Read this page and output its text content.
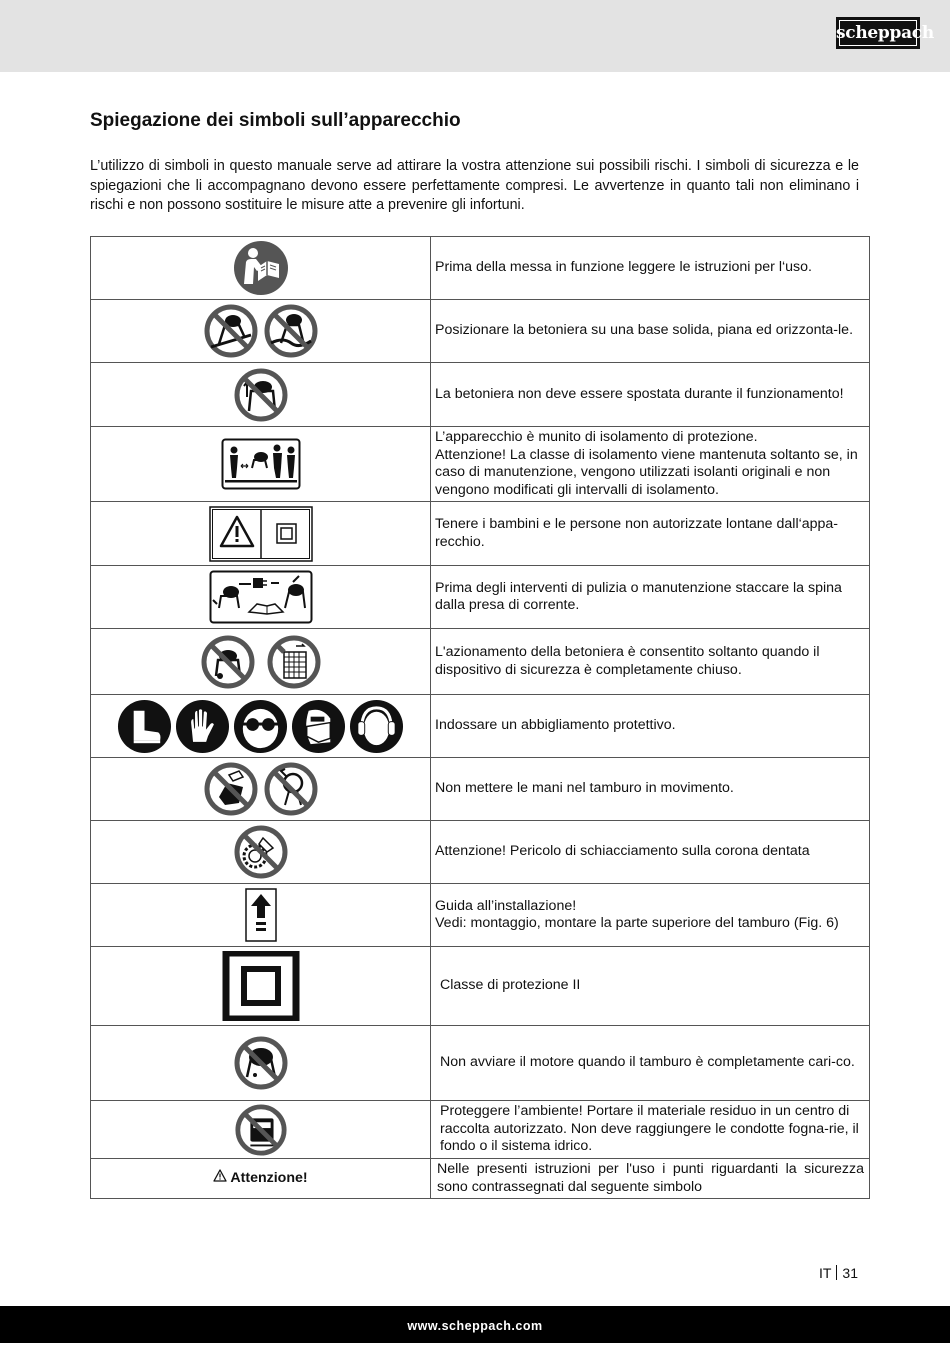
scheppach
Spiegazione dei simboli sull’apparecchio

L’utilizzo di simboli in questo manuale serve ad attirare la vostra attenzione sui possibili rischi. I simboli di sicurezza e le spiegazioni che li accompagnano devono essere perfettamente compresi. Le avvertenze in quanto tali non eliminano i rischi e non possono sostituire le misure atte a prevenire gli infortuni.

	Prima della messa in funzione leggere le istruzioni per l‘uso.

	Posizionare la betoniera su una base solida, piana ed orizzonta-le.

	La betoniera non deve essere spostata durante il funzionamento!

	L’apparecchio è munito di isolamento di protezione.
Attenzione! La classe di isolamento viene mantenuta soltanto se, in caso di manutenzione, vengono utilizzati isolanti originali e non vengono modificati gli intervalli di isolamento.

	Tenere i bambini e le persone non autorizzate lontane dall‘appa-recchio.

	Prima degli interventi di pulizia o manutenzione staccare la spina dalla presa di corrente.

	L'azionamento della betoniera è consentito soltanto quando il dispositivo di sicurezza è completamente chiuso.

	Indossare un abbigliamento protettivo.

	Non mettere le mani nel tamburo in movimento.

	Attenzione! Pericolo di schiacciamento sulla corona dentata

	Guida all’installazione!
Vedi: montaggio, montare la parte superiore del tamburo (Fig. 6)

	Classe di protezione II

	Non avviare il motore quando il tamburo è completamente cari-co.

	Proteggere l’ambiente! Portare il materiale residuo in un centro di raccolta autorizzato. Non deve raggiungere le condotte fogna-rie, il fondo o il sistema idrico.
Attenzione!	Nelle presenti istruzioni per l'uso i punti riguardanti la sicurezza sono contrassegnati dal seguente simbolo
IT 31
www.scheppach.com
